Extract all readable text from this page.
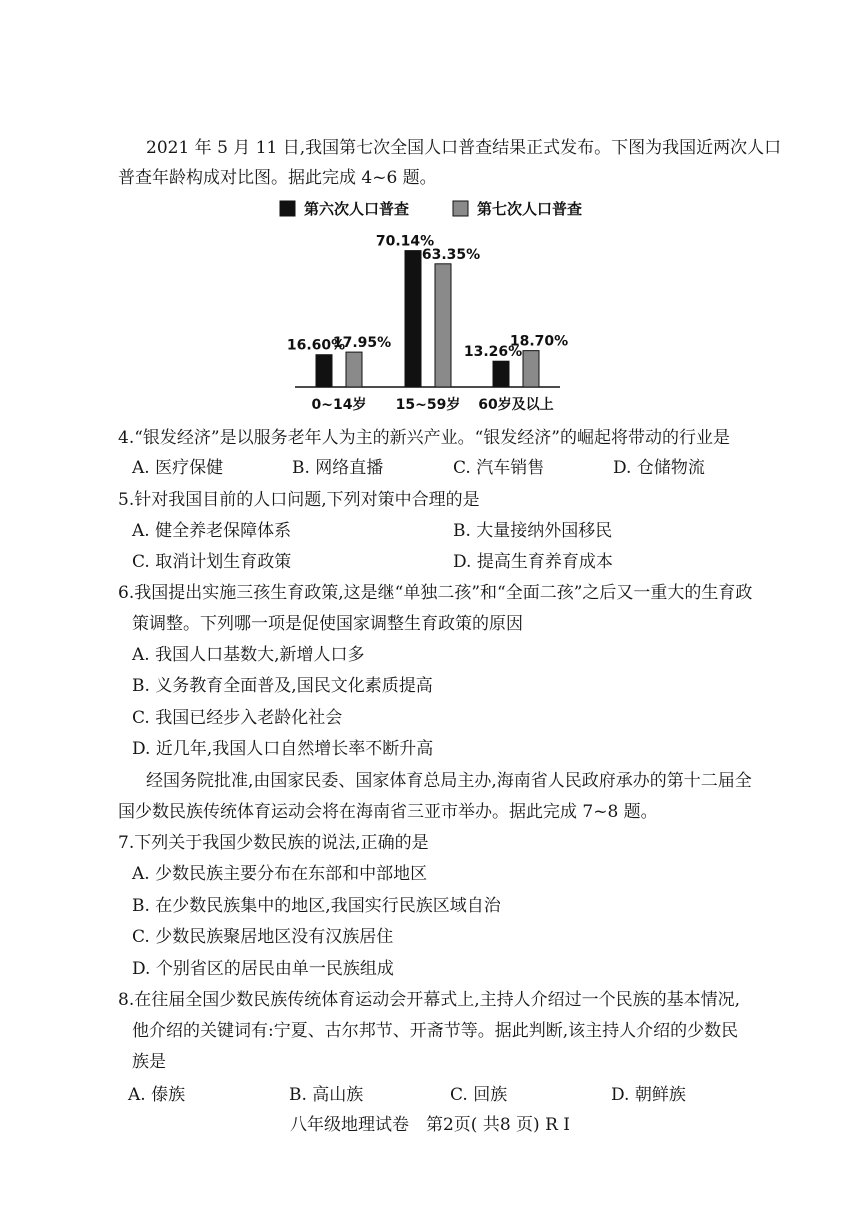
2021 年 5 月 11 日,我国第七次全国人口普查结果正式发布。下图为我国近两次人口
普查年龄构成对比图。据此完成 4~6 题。
第六次人口普查	第七次人口普查
16.60%
17.95%
0~14岁
70.14%
63.35%
15~59岁
13.26%
18.70%
60岁及以上
4.“银发经济”是以服务老年人为主的新兴产业。“银发经济”的崛起将带动的行业是
A. 医疗保健	B. 网络直播	C. 汽车销售	D. 仓储物流
5.针对我国目前的人口问题,下列对策中合理的是
A. 健全养老保障体系	B. 大量接纳外国移民
C. 取消计划生育政策	D. 提高生育养育成本
6.我国提出实施三孩生育政策,这是继“单独二孩”和“全面二孩”之后又一重大的生育政
策调整。下列哪一项是促使国家调整生育政策的原因
A. 我国人口基数大,新增人口多
B. 义务教育全面普及,国民文化素质提高
C. 我国已经步入老龄化社会
D. 近几年,我国人口自然增长率不断升高
经国务院批准,由国家民委、国家体育总局主办,海南省人民政府承办的第十二届全
国少数民族传统体育运动会将在海南省三亚市举办。据此完成 7~8 题。
7.下列关于我国少数民族的说法,正确的是
A. 少数民族主要分布在东部和中部地区
B. 在少数民族集中的地区,我国实行民族区域自治
C. 少数民族聚居地区没有汉族居住
D. 个别省区的居民由单一民族组成
8.在往届全国少数民族传统体育运动会开幕式上,主持人介绍过一个民族的基本情况,
他介绍的关键词有:宁夏、古尔邦节、开斋节等。据此判断,该主持人介绍的少数民
族是
A. 傣族	B. 高山族	C. 回族	D. 朝鲜族
八年级地理试卷　第2页( 共8 页) R I
